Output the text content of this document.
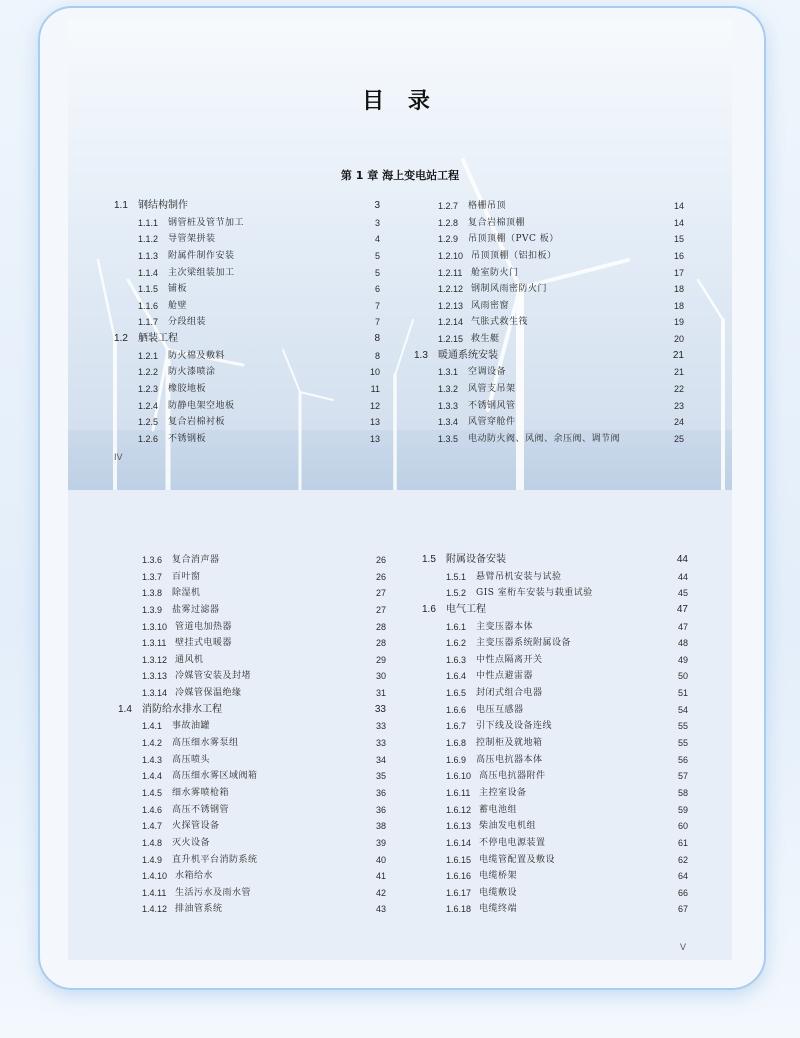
目 录
第 1 章 海上变电站工程
1.1 钢结构制作	3
1.1.1 钢管桩及管节加工	3
1.1.2 导管架拼装	4
1.1.3 附属件制作安装	5
1.1.4 主次梁组装加工	5
1.1.5 铺板	6
1.1.6 舱壁	7
1.1.7 分段组装	7
1.2 舾装工程	8
1.2.1 防火棉及敷料	8
1.2.2 防火漆喷涂	10
1.2.3 橡胶地板	11
1.2.4 防静电架空地板	12
1.2.5 复合岩棉衬板	13
1.2.6 不锈钢板	13
1.2.7 格栅吊顶	14
1.2.8 复合岩棉顶棚	14
1.2.9 吊顶顶棚（PVC 板）	15
1.2.10 吊顶顶棚（铝扣板）	16
1.2.11 舱室防火门	17
1.2.12 钢制风雨密防火门	18
1.2.13 风雨密窗	18
1.2.14 气胀式救生筏	19
1.2.15 救生艇	20
1.3 暖通系统安装	21
1.3.1 空调设备	21
1.3.2 风管支吊架	22
1.3.3 不锈钢风管	23
1.3.4 风管穿舱件	24
1.3.5 电动防火阀、风阀、余压阀、调节阀	25
IV
1.3.6 复合消声器	26
1.3.7 百叶窗	26
1.3.8 除湿机	27
1.3.9 盐雾过滤器	27
1.3.10 管道电加热器	28
1.3.11 壁挂式电暖器	28
1.3.12 通风机	29
1.3.13 冷媒管安装及封堵	30
1.3.14 冷媒管保温绝缘	31
1.4 消防给水排水工程	33
1.4.1 事故油罐	33
1.4.2 高压细水雾泵组	33
1.4.3 高压喷头	34
1.4.4 高压细水雾区域阀箱	35
1.4.5 细水雾喷枪箱	36
1.4.6 高压不锈钢管	36
1.4.7 火探管设备	38
1.4.8 灭火设备	39
1.4.9 直升机平台消防系统	40
1.4.10 水箱给水	41
1.4.11 生活污水及雨水管	42
1.4.12 排油管系统	43
1.5 附属设备安装	44
1.5.1 悬臂吊机安装与试验	44
1.5.2 GIS 室桁车安装与载重试验	45
1.6 电气工程	47
1.6.1 主变压器本体	47
1.6.2 主变压器系统附属设备	48
1.6.3 中性点隔离开关	49
1.6.4 中性点避雷器	50
1.6.5 封闭式组合电器	51
1.6.6 电压互感器	54
1.6.7 引下线及设备连线	55
1.6.8 控制柜及就地箱	55
1.6.9 高压电抗器本体	56
1.6.10 高压电抗器附件	57
1.6.11 主控室设备	58
1.6.12 蓄电池组	59
1.6.13 柴油发电机组	60
1.6.14 不停电电源装置	61
1.6.15 电缆管配置及敷设	62
1.6.16 电缆桥架	64
1.6.17 电缆敷设	66
1.6.18 电缆终端	67
V
